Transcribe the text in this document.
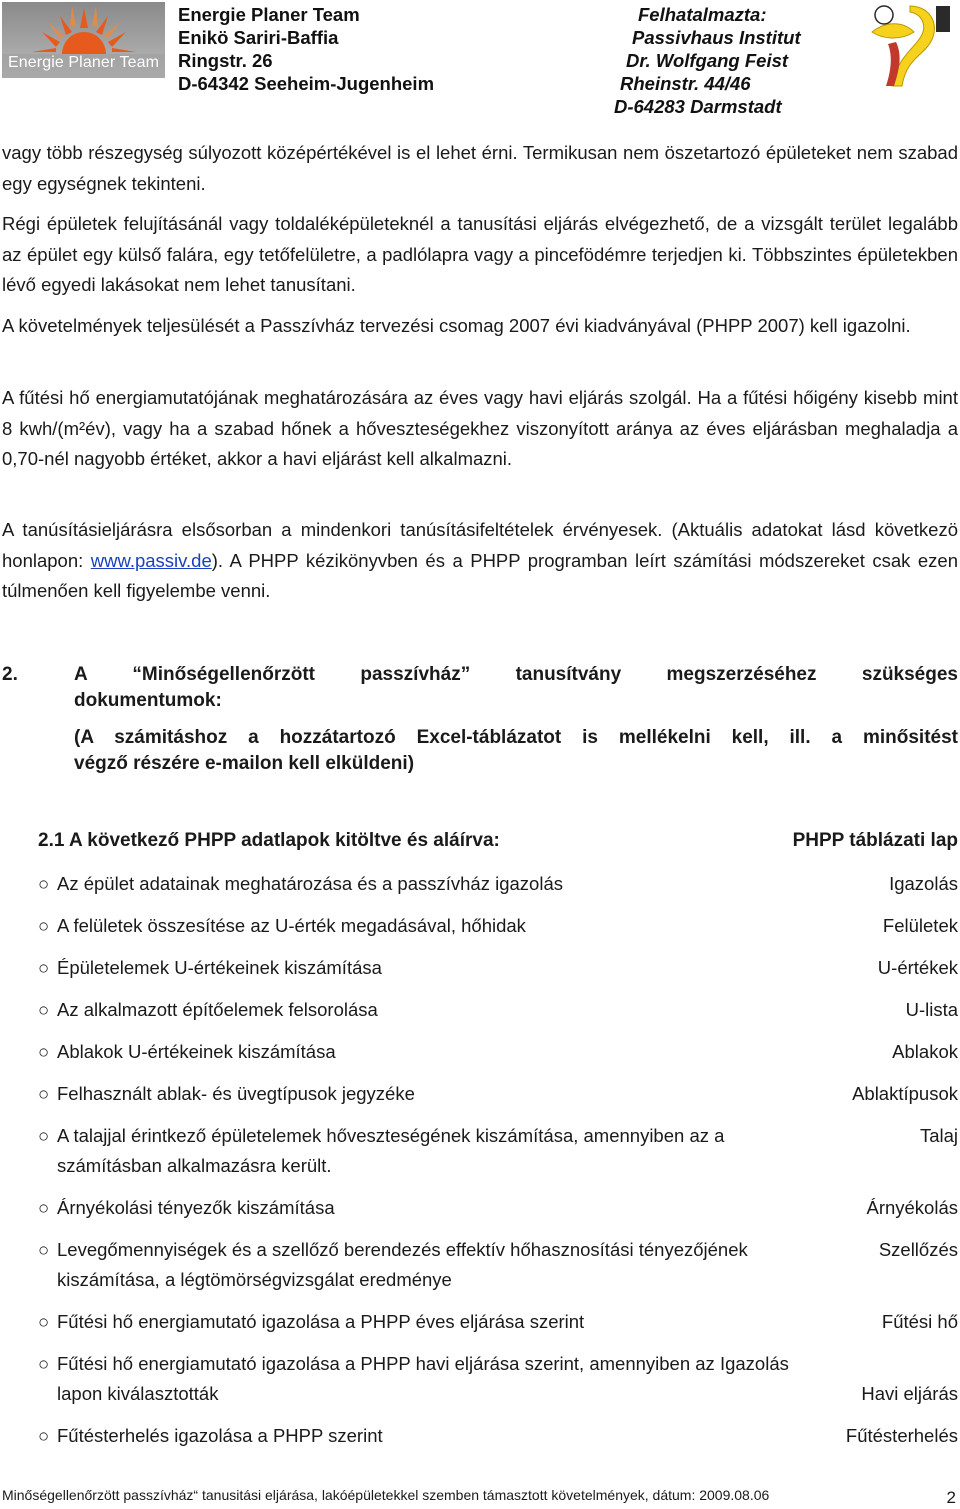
Energie Planer Team
Energie Planer Team
Enikö Sariri-Baffia
Ringstr. 26
D-64342 Seeheim-Jugenheim
Felhatalmazta:
Passivhaus Institut
Dr. Wolfgang Feist
Rheinstr. 44/46
D-64283 Darmstadt
vagy több részegység súlyozott középértékével is el lehet érni. Termikusan nem öszetartozó épületeket nem szabad egy egységnek tekinteni.
Régi épületek felujításánál vagy toldaléképületeknél a tanusítási eljárás elvégezhető, de a vizsgált terület legalább az épület egy külső falára, egy tetőfelületre, a padlólapra vagy a pincefödémre terjedjen ki. Többszintes épületekben lévő egyedi lakásokat nem lehet tanusítani.
A követelmények teljesülését a Passzívház tervezési csomag 2007 évi kiadványával (PHPP 2007) kell igazolni.
A fűtési hő energiamutatójának meghatározására az éves vagy havi eljárás szolgál. Ha a fűtési hőigény kisebb mint 8 kwh/(m²év), vagy ha a szabad hőnek a hőveszteségekhez viszonyított aránya az éves eljárásban meghaladja a 0,70-nél nagyobb értéket, akkor a havi eljárást kell alkalmazni.
A tanúsításieljárásra elsősorban a mindenkori tanúsításifeltételek érvényesek. (Aktuális adatokat lásd következö honlapon: www.passiv.de). A PHPP kézikönyvben és a PHPP programban leírt számítási módszereket csak ezen túlmenően kell figyelembe venni.
2.	A “Minőségellenőrzött passzívház” tanusítvány megszerzéséhez szükséges
dokumentumok:
(A számitáshoz a hozzátartozó Excel-táblázatot is mellékelni kell, ill. a minősitést
végző részére e-mailon kell elküldeni)
2.1 A következő PHPP adatlapok kitöltve és aláírva:	PHPP táblázati lap
○ Az épület adatainak meghatározása és a passzívház igazolás	Igazolás
○ A felületek összesítése az U-érték megadásával, hőhidak	Felületek
○ Épületelemek U-értékeinek kiszámítása	U-értékek
○ Az alkalmazott építőelemek felsorolása	U-lista
○ Ablakok U-értékeinek kiszámítása	Ablakok
○ Felhasznált ablak- és üvegtípusok jegyzéke	Ablaktípusok
○ A talajjal érintkező épületelemek hőveszteségének kiszámítása, amennyiben az a számításban alkalmazásra került.
Talaj
○ Árnyékolási tényezők kiszámítása	Árnyékolás
○ Levegőmennyiségek és a szellőző berendezés effektív hőhasznosítási tényezőjének kiszámítása, a légtömörségvizsgálat eredménye
Szellőzés
○ Fűtési hő energiamutató igazolása a PHPP éves eljárása szerint	Fűtési hő
○ Fűtési hő energiamutató igazolása a PHPP havi eljárása szerint, amennyiben az Igazolás lapon kiválasztották	Havi eljárás
○ Fűtésterhelés igazolása a PHPP szerint	Fűtésterhelés
Minőségellenőrzött passzívház“ tanusitási eljárása, lakóépületekkel szemben támasztott követelmények, dátum: 2009.08.06	2
